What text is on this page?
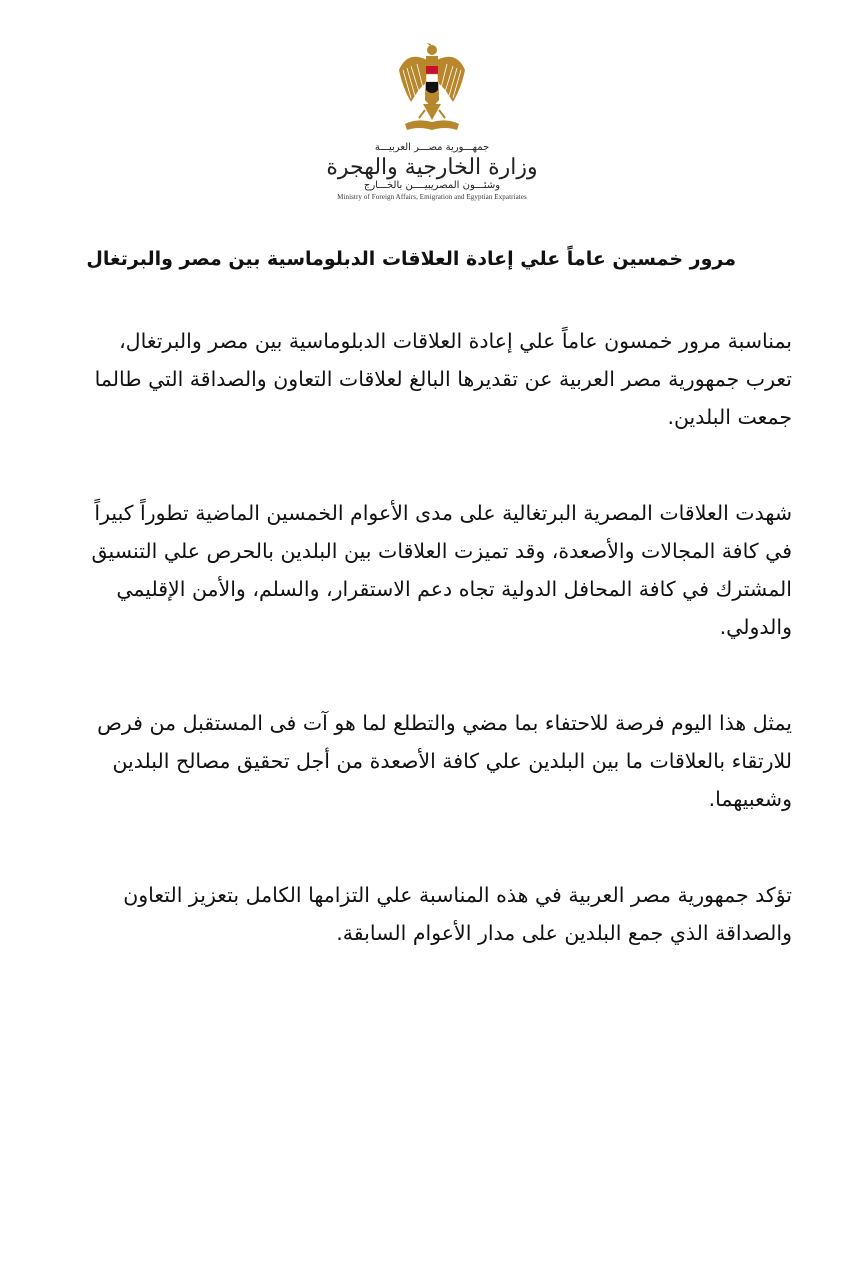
جمهـــورية مصـــر العربيـــة
وزارة الخارجية والهجرة
وشئـــون المصريبيــــن بالخـــارج
Ministry of Foreign Affairs, Emigration and Egyptian Expatriates
مرور خمسين عاماً علي إعادة العلاقات الدبلوماسية بين مصر والبرتغال

بمناسبة مرور خمسون عاماً علي إعادة العلاقات الدبلوماسية بين مصر والبرتغال، تعرب جمهورية مصر العربية عن تقديرها البالغ لعلاقات التعاون والصداقة التي طالما جمعت البلدين.

شهدت العلاقات المصرية البرتغالية على مدى الأعوام الخمسين الماضية تطوراً كبيراً في كافة المجالات والأصعدة، وقد تميزت العلاقات بين البلدين بالحرص علي التنسيق المشترك في كافة المحافل الدولية تجاه دعم الاستقرار، والسلم، والأمن الإقليمي والدولي.

يمثل هذا اليوم فرصة للاحتفاء بما مضي والتطلع لما هو آت فى المستقبل من فرص للارتقاء بالعلاقات ما بين البلدين علي كافة الأصعدة من أجل تحقيق مصالح البلدين وشعبيهما.

تؤكد جمهورية مصر العربية في هذه المناسبة علي التزامها الكامل بتعزيز التعاون والصداقة الذي جمع البلدين على مدار الأعوام السابقة.
